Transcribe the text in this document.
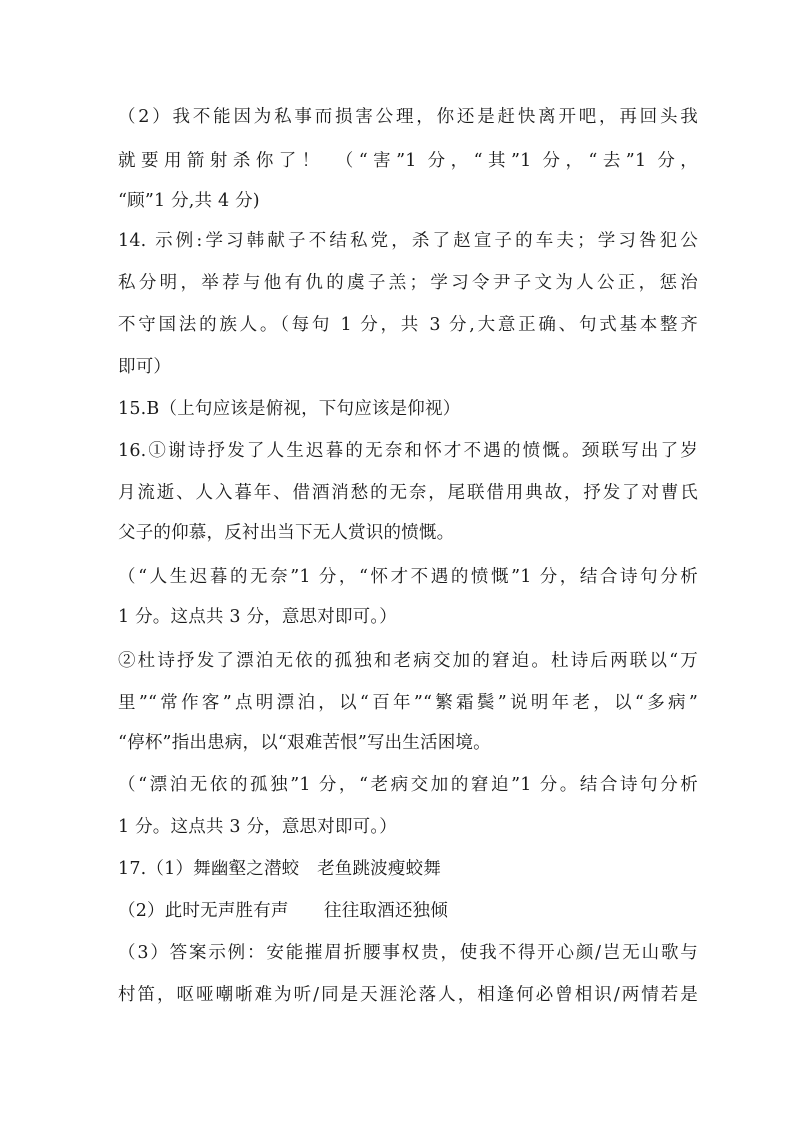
（2）我不能因为私事而损害公理，你还是赶快离开吧，再回头我
就要用箭射杀你了！ （“害”1 分，“其”1 分，“去”1 分，
“顾”1 分,共 4 分)
14. 示例:学习韩献子不结私党，杀了赵宣子的车夫；学习咎犯公
私分明，举荐与他有仇的虞子羔；学习令尹子文为人公正，惩治
不守国法的族人。（每句 1 分，共 3 分,大意正确、句式基本整齐
即可）
15.B（上句应该是俯视，下句应该是仰视）
16.①谢诗抒发了人生迟暮的无奈和怀才不遇的愤慨。颈联写出了岁
月流逝、人入暮年、借酒消愁的无奈，尾联借用典故，抒发了对曹氏
父子的仰慕，反衬出当下无人赏识的愤慨。
（“人生迟暮的无奈”1 分，“怀才不遇的愤慨”1 分，结合诗句分析
1 分。这点共 3 分，意思对即可。）
②杜诗抒发了漂泊无依的孤独和老病交加的窘迫。杜诗后两联以“万
里”“常作客”点明漂泊，以“百年”“繁霜鬓”说明年老，以“多病”
“停杯”指出患病，以“艰难苦恨”写出生活困境。
（“漂泊无依的孤独”1 分，“老病交加的窘迫”1 分。结合诗句分析
1 分。这点共 3 分，意思对即可。）
17.（1）舞幽壑之潜蛟　老鱼跳波瘦蛟舞
（2）此时无声胜有声　　往往取酒还独倾
（3）答案示例：安能摧眉折腰事权贵，使我不得开心颜/岂无山歌与
村笛，呕哑嘲哳难为听/同是天涯沦落人，相逢何必曾相识/两情若是
